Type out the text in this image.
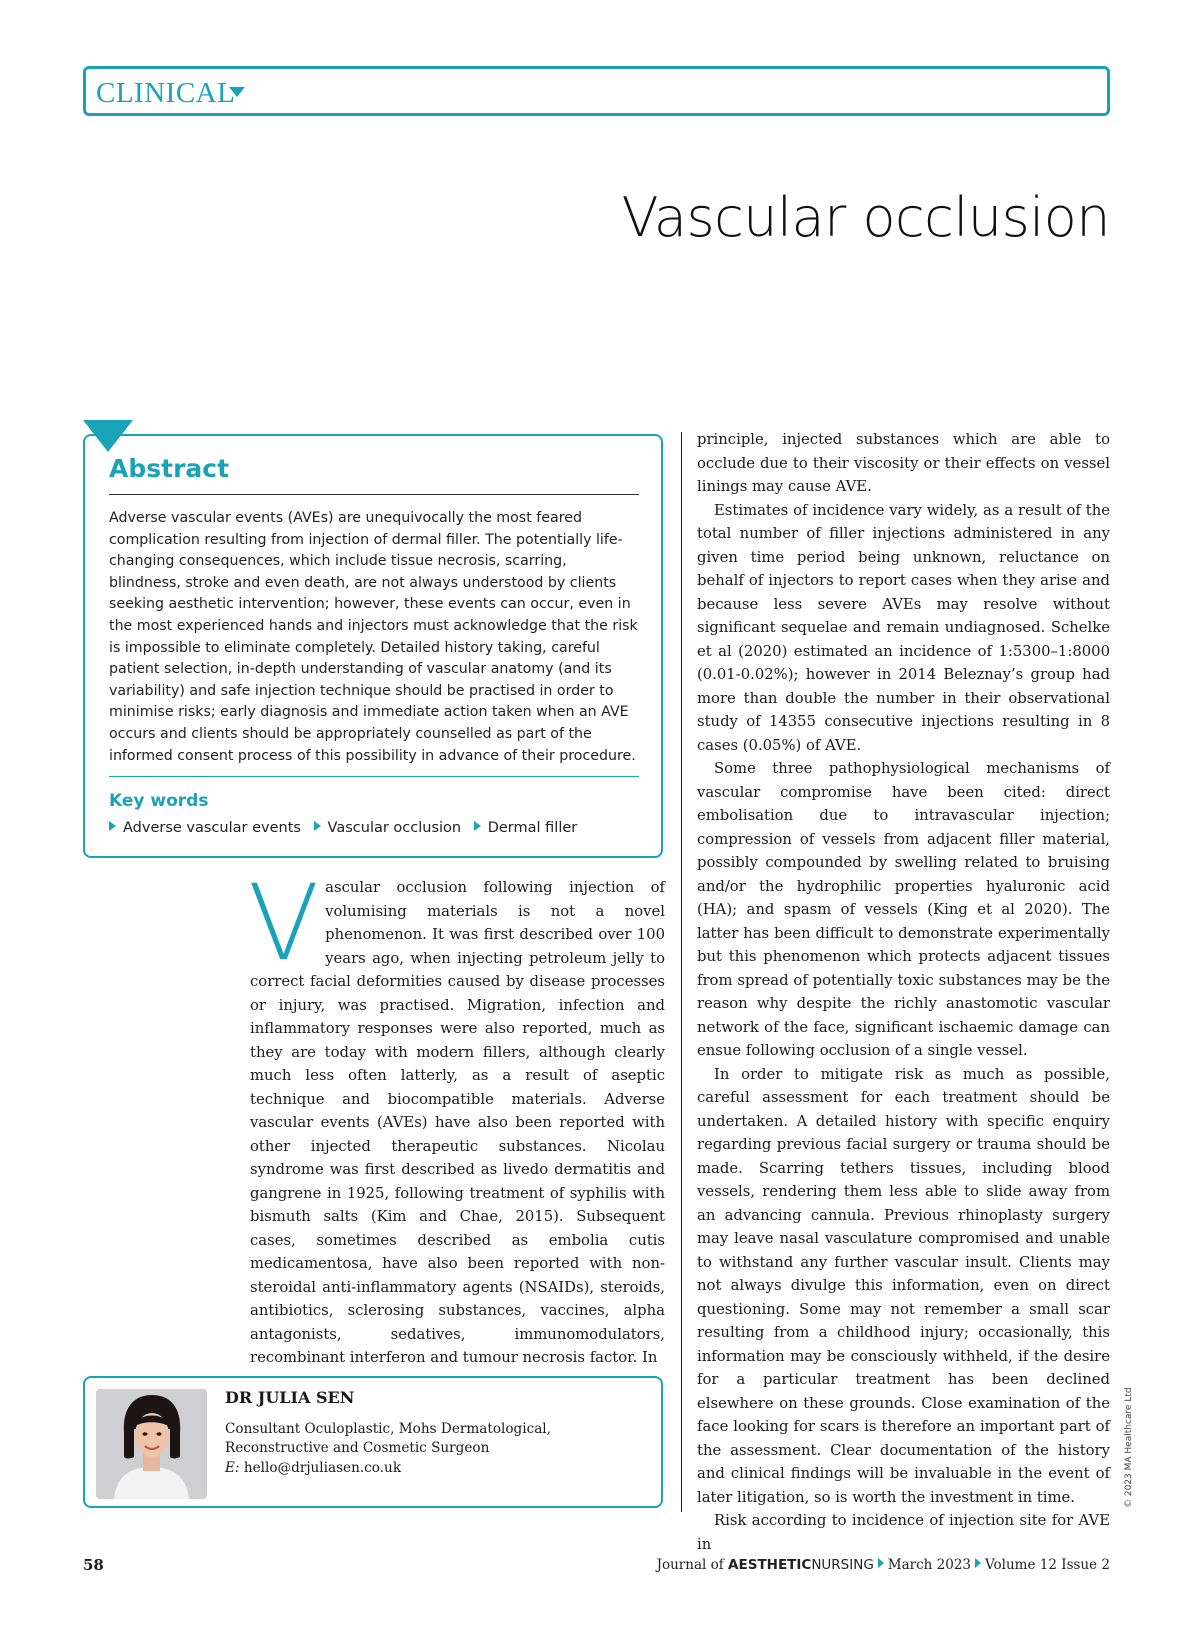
CLINICAL
Vascular occlusion
Abstract

Adverse vascular events (AVEs) are unequivocally the most feared complication resulting from injection of dermal filler. The potentially life-changing consequences, which include tissue necrosis, scarring, blindness, stroke and even death, are not always understood by clients seeking aesthetic intervention; however, these events can occur, even in the most experienced hands and injectors must acknowledge that the risk is impossible to eliminate completely. Detailed history taking, careful patient selection, in-depth understanding of vascular anatomy (and its variability) and safe injection technique should be practised in order to minimise risks; early diagnosis and immediate action taken when an AVE occurs and clients should be appropriately counselled as part of the informed consent process of this possibility in advance of their procedure.

Key words
Adverse vascular events Vascular occlusion Dermal filler

Vascular occlusion following injection of volumising materials is not a novel phenomenon. It was first described over 100 years ago, when injecting petroleum jelly to correct facial deformities caused by disease processes or injury, was practised. Migration, infection and inflammatory responses were also reported, much as they are today with modern fillers, although clearly much less often latterly, as a result of aseptic technique and biocompatible materials. Adverse vascular events (AVEs) have also been reported with other injected therapeutic substances. Nicolau syndrome was first described as livedo dermatitis and gangrene in 1925, following treatment of syphilis with bismuth salts (Kim and Chae, 2015). Subsequent cases, sometimes described as embolia cutis medicamentosa, have also been reported with non-steroidal anti-inflammatory agents (NSAIDs), steroids, antibiotics, sclerosing substances, vaccines, alpha antagonists, sedatives, immunomodulators, recombinant interferon and tumour necrosis factor. In

principle, injected substances which are able to occlude due to their viscosity or their effects on vessel linings may cause AVE.

Estimates of incidence vary widely, as a result of the total number of filler injections administered in any given time period being unknown, reluctance on behalf of injectors to report cases when they arise and because less severe AVEs may resolve without significant sequelae and remain undiagnosed. Schelke et al (2020) estimated an incidence of 1:5300–1:8000 (0.01-0.02%); however in 2014 Beleznay’s group had more than double the number in their observational study of 14355 consecutive injections resulting in 8 cases (0.05%) of AVE.

Some three pathophysiological mechanisms of vascular compromise have been cited: direct embolisation due to intravascular injection; compression of vessels from adjacent filler material, possibly compounded by swelling related to bruising and/or the hydrophilic properties hyaluronic acid (HA); and spasm of vessels (King et al 2020). The latter has been difficult to demonstrate experimentally but this phenomenon which protects adjacent tissues from spread of potentially toxic substances may be the reason why despite the richly anastomotic vascular network of the face, significant ischaemic damage can ensue following occlusion of a single vessel.

In order to mitigate risk as much as possible, careful assessment for each treatment should be undertaken. A detailed history with specific enquiry regarding previous facial surgery or trauma should be made. Scarring tethers tissues, including blood vessels, rendering them less able to slide away from an advancing cannula. Previous rhinoplasty surgery may leave nasal vasculature compromised and unable to withstand any further vascular insult. Clients may not always divulge this information, even on direct questioning. Some may not remember a small scar resulting from a childhood injury; occasionally, this information may be consciously withheld, if the desire for a particular treatment has been declined elsewhere on these grounds. Close examination of the face looking for scars is therefore an important part of the assessment. Clear documentation of the history and clinical findings will be invaluable in the event of later litigation, so is worth the investment in time.

Risk according to incidence of injection site for AVE in

DR JULIA SEN

Consultant Oculoplastic, Mohs Dermatological, Reconstructive and Cosmetic Surgeon

E: hello@drjuliasen.co.uk	© 2023 MA Healthcare Ltd
58	Journal of AESTHETICNURSING March 2023 Volume 12 Issue 2
